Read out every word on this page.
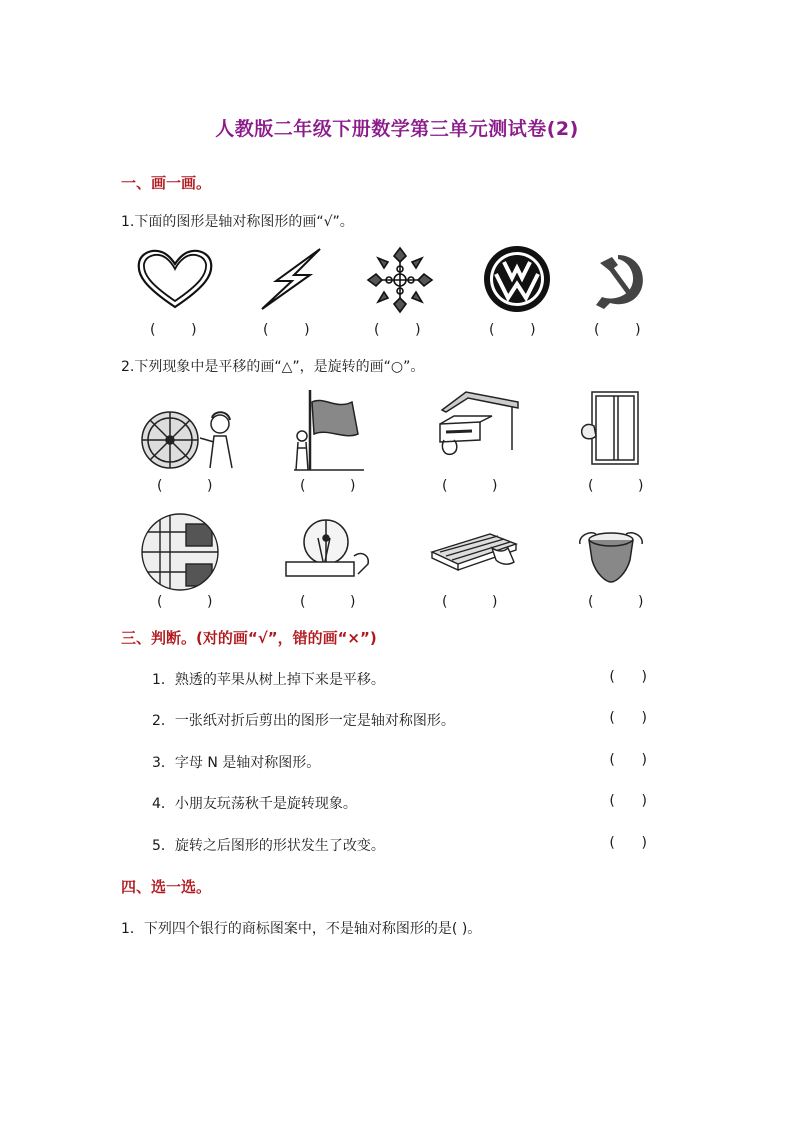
人教版二年级下册数学第三单元测试卷(2)
一、画一画。
1.下面的图形是轴对称图形的画“√”。
(        )	(        )	(        )	(        )	(        )
2.下列现象中是平移的画“△”，是旋转的画“○”。
(          )	(          )	(          )	(          )
(          )	(          )	(          )	(          )
三、判断。(对的画“√”，错的画“×”)
1．熟透的苹果从树上掉下来是平移。	(      )
2．一张纸对折后剪出的图形一定是轴对称图形。	(      )
3．字母 N 是轴对称图形。	(      )
4．小朋友玩荡秋千是旋转现象。	(      )
5．旋转之后图形的形状发生了改变。	(      )
四、选一选。
1．下列四个银行的商标图案中，不是轴对称图形的是( )。
